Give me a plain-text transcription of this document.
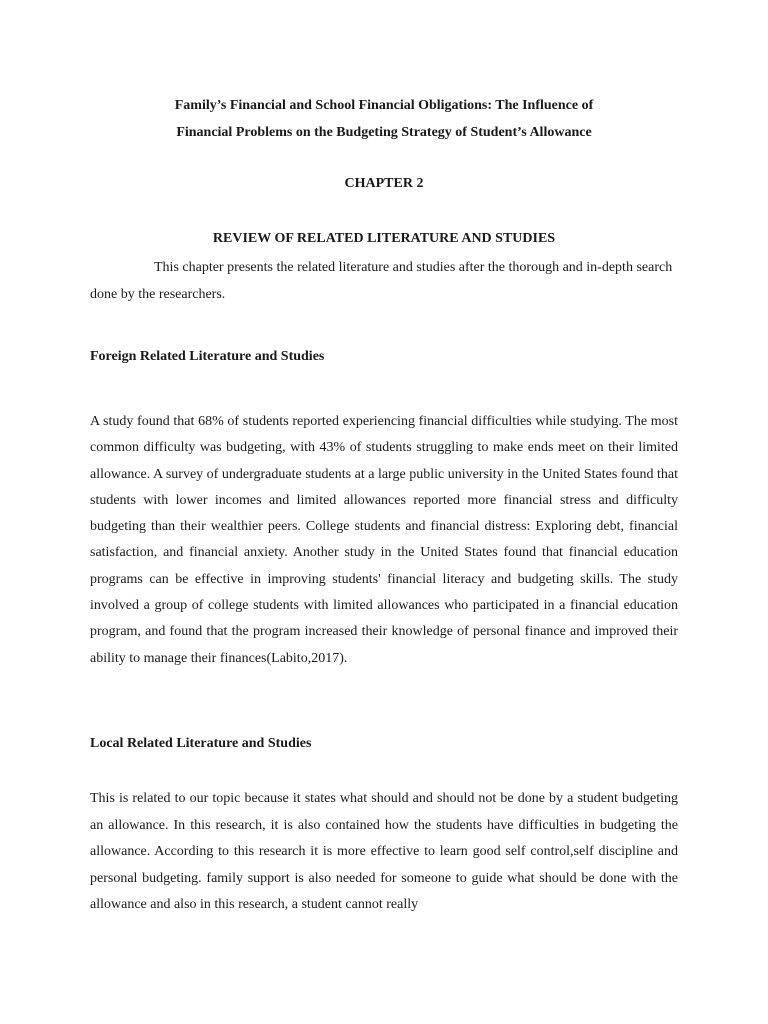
Family’s Financial and School Financial Obligations: The Influence of
Financial Problems on the Budgeting Strategy of Student’s Allowance
CHAPTER 2
REVIEW OF RELATED LITERATURE AND STUDIES
This chapter presents the related literature and studies after the thorough and in-depth search done by the researchers.
Foreign Related Literature and Studies
A study found that 68% of students reported experiencing financial difficulties while studying. The most common difficulty was budgeting, with 43% of students struggling to make ends meet on their limited allowance. A survey of undergraduate students at a large public university in the United States found that students with lower incomes and limited allowances reported more financial stress and difficulty budgeting than their wealthier peers. College students and financial distress: Exploring debt, financial satisfaction, and financial anxiety. Another study in the United States found that financial education programs can be effective in improving students' financial literacy and budgeting skills. The study involved a group of college students with limited allowances who participated in a financial education program, and found that the program increased their knowledge of personal finance and improved their ability to manage their finances(Labito,2017).
Local Related Literature and Studies
This is related to our topic because it states what should and should not be done by a student budgeting an allowance. In this research, it is also contained how the students have difficulties in budgeting the allowance. According to this research it is more effective to learn good self control,self discipline and personal budgeting. family support is also needed for someone to guide what should be done with the allowance and also in this research, a student cannot really
